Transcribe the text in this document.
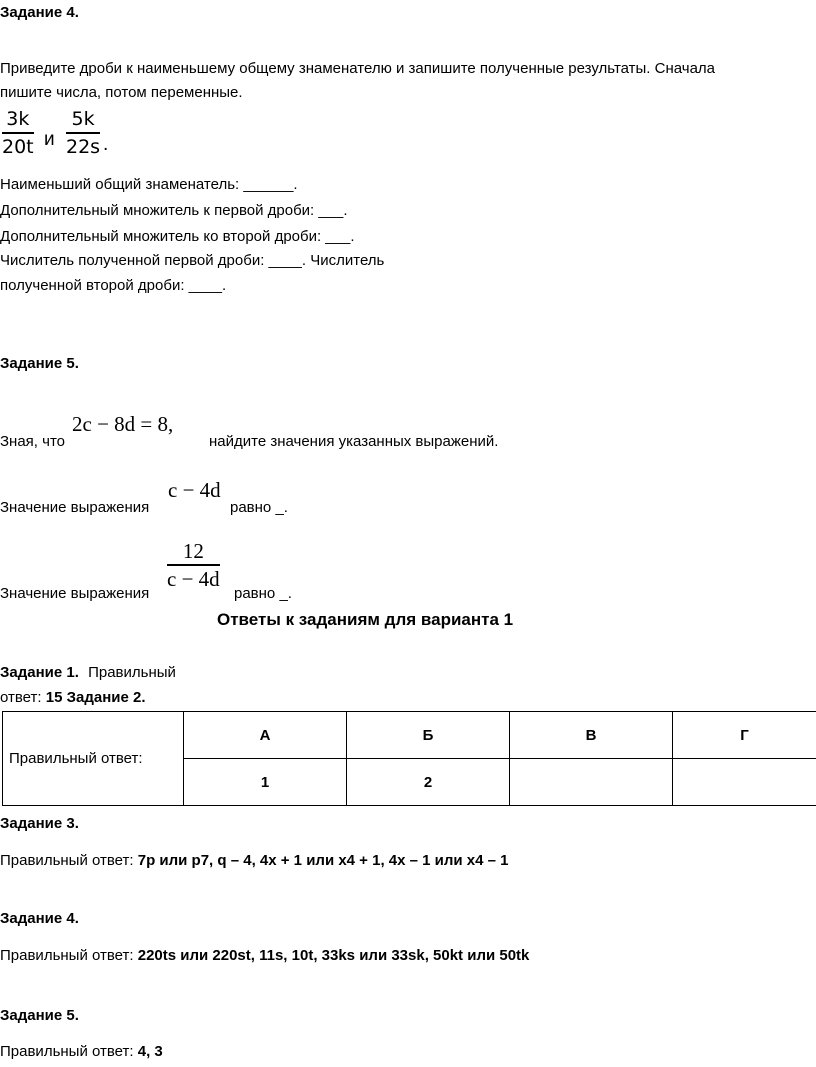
Задание 4.
Приведите дроби к наименьшему общему знаменателю и запишите полученные результаты. Сначала
пишите числа, потом переменные.
3k
20t и
5k
22s .
Наименьший общий знаменатель: ______.
Дополнительный множитель к первой дроби: ___.
Дополнительный множитель ко второй дроби: ___.
Числитель полученной первой дроби: ____. Числитель
полученной второй дроби: ____.
Задание 5.
Зная, что
2c − 8d = 8,
найдите значения указанных выражений.
Значение выражения
c − 4d
равно _.
Значение выражения
12
c − 4d
равно _.
Ответы к заданиям для варианта 1
Задание 1. Правильный
ответ: 15 Задание 2.
Правильный ответ:	А	Б	В	Г
	1	2		
Задание 3.
Правильный ответ: 7p или p7, q – 4, 4x + 1 или x4 + 1, 4x – 1 или x4 – 1
Задание 4.
Правильный ответ: 220ts или 220st, 11s, 10t, 33ks или 33sk, 50kt или 50tk
Задание 5.
Правильный ответ: 4, 3
